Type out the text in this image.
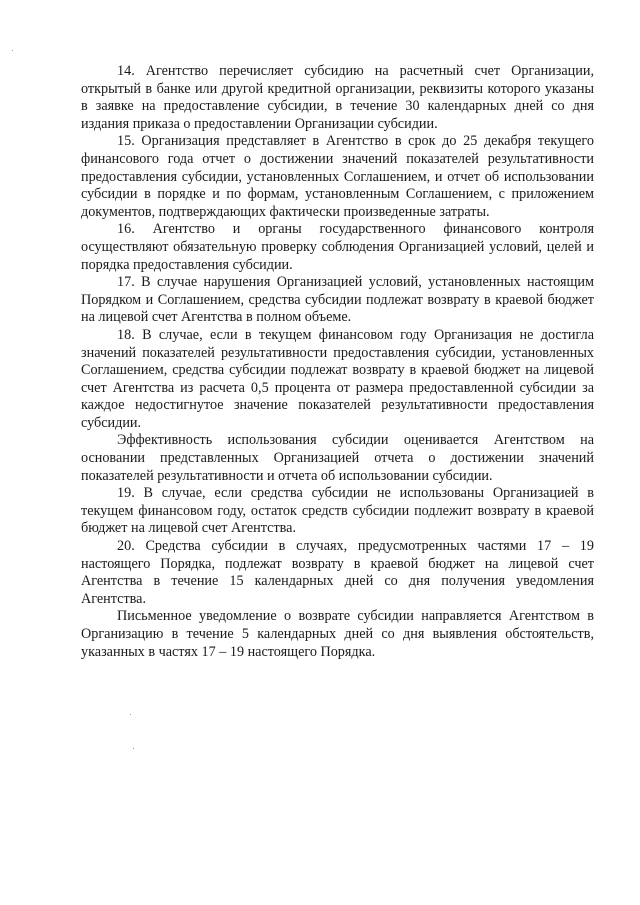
14. Агентство перечисляет субсидию на расчетный счет Организации, открытый в банке или другой кредитной организации, реквизиты которого указаны в заявке на предоставление субсидии, в течение 30 календарных дней со дня издания приказа о предоставлении Организации субсидии.

15. Организация представляет в Агентство в срок до 25 декабря текущего финансового года отчет о достижении значений показателей результативности предоставления субсидии, установленных Соглашением, и отчет об использовании субсидии в порядке и по формам, установленным Соглашением, с приложением документов, подтверждающих фактически произведенные затраты.

16. Агентство и органы государственного финансового контроля осуществляют обязательную проверку соблюдения Организацией условий, целей и порядка предоставления субсидии.

17. В случае нарушения Организацией условий, установленных настоящим Порядком и Соглашением, средства субсидии подлежат возврату в краевой бюджет на лицевой счет Агентства в полном объеме.

18. В случае, если в текущем финансовом году Организация не достигла значений показателей результативности предоставления субсидии, установленных Соглашением, средства субсидии подлежат возврату в краевой бюджет на лицевой счет Агентства из расчета 0,5 процента от размера предоставленной субсидии за каждое недостигнутое значение показателей результативности предоставления субсидии.

Эффективность использования субсидии оценивается Агентством на основании представленных Организацией отчета о достижении значений показателей результативности и отчета об использовании субсидии.

19. В случае, если средства субсидии не использованы Организацией в текущем финансовом году, остаток средств субсидии подлежит возврату в краевой бюджет на лицевой счет Агентства.

20. Средства субсидии в случаях, предусмотренных частями 17 – 19 настоящего Порядка, подлежат возврату в краевой бюджет на лицевой счет Агентства в течение 15 календарных дней со дня получения уведомления Агентства.

Письменное уведомление о возврате субсидии направляется Агентством в Организацию в течение 5 календарных дней со дня выявления обстоятельств, указанных в частях 17 – 19 настоящего Порядка.
